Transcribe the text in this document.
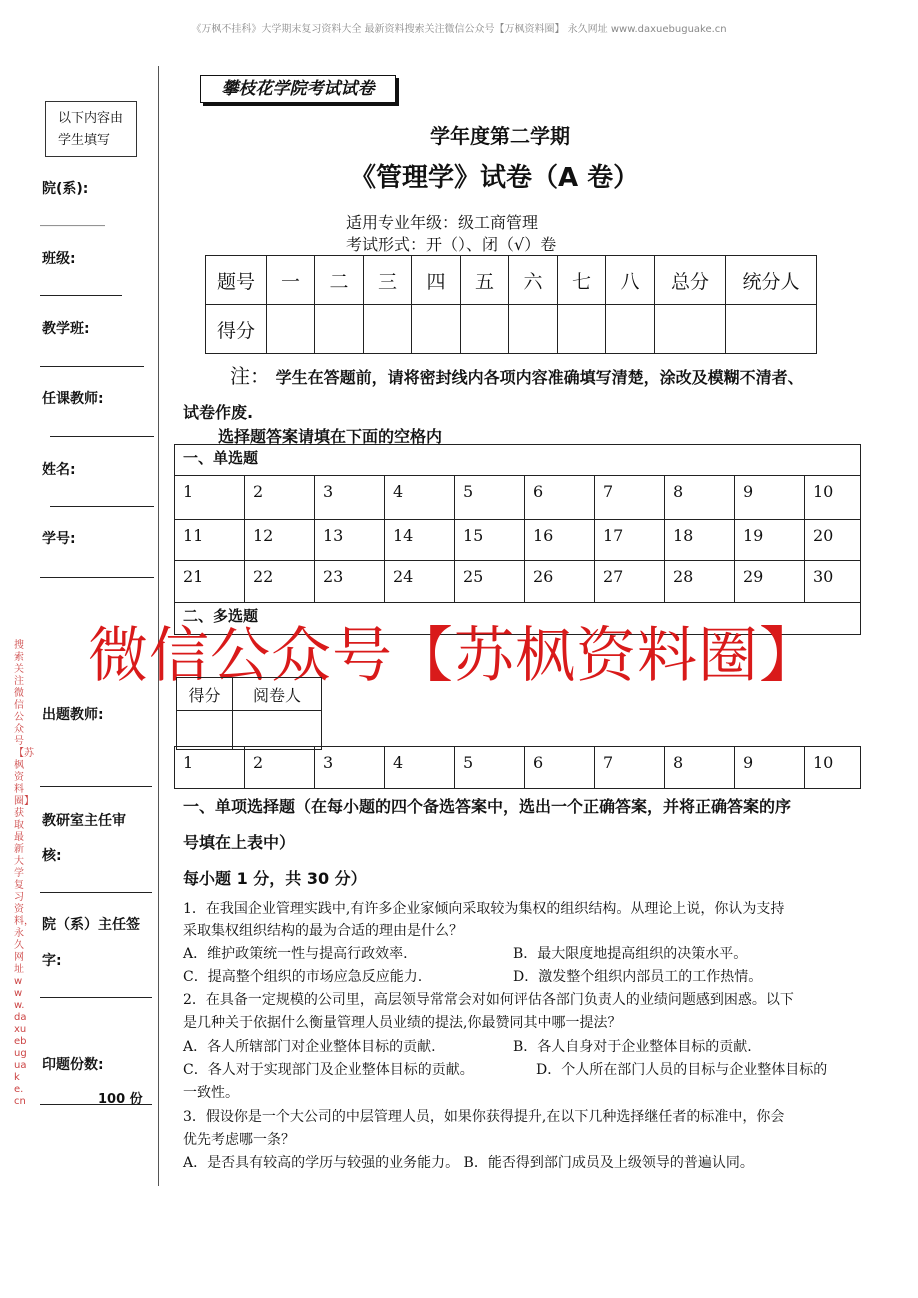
《万枫不挂科》大学期末复习资料大全 最新资料搜索关注微信公众号【万枫资料圈】 永久网址 www.daxuebuguake.cn
以下内容由
学生填写
院(系):
__________
班级:
教学班:
任课教师:
姓名:
学号:
出题教师:
教研室主任审
核:
院（系）主任签
字:
印题份数:
100 份
搜索关注微信公众号【苏枫资料圈】获取最新大学复习资料，永久网址 www.daxuebuguake.cn
攀枝花学院考试试卷
学年度第二学期
《管理学》试卷（A 卷）
适用专业年级：级工商管理
考试形式：开（）、闭（√）卷
题号	一	二	三	四	五	六	七	八	总分	统分人
得分										
注： 学生在答题前，请将密封线内各项内容准确填写清楚，涂改及模糊不清者、
试卷作废.
选择题答案请填在下面的空格内
一、单选题									
1	2	3	4	5	6	7	8	9	10
11	12	13	14	15	16	17	18	19	20
21	22	23	24	25	26	27	28	29	30
二、多选题									
微信公众号【苏枫资料圈】
得分	阅卷人

1	2	3	4	5	6	7	8	9	10
一、单项选择题（在每小题的四个备选答案中，选出一个正确答案，并将正确答案的序
号填在上表中）
每小题 1 分，共 30 分）
1．在我国企业管理实践中,有许多企业家倾向采取较为集权的组织结构。从理论上说，你认为支持
采取集权组织结构的最为合适的理由是什么？
A．维护政策统一性与提高行政效率.	B．最大限度地提高组织的决策水平。
C．提高整个组织的市场应急反应能力.	D．激发整个组织内部员工的工作热情。
2．在具备一定规模的公司里，高层领导常常会对如何评估各部门负责人的业绩问题感到困惑。以下
是几种关于依据什么衡量管理人员业绩的提法,你最赞同其中哪一提法？
A．各人所辖部门对企业整体目标的贡献.	B．各人自身对于企业整体目标的贡献.
C．各人对于实现部门及企业整体目标的贡献。	D．个人所在部门人员的目标与企业整体目标的
一致性。
3．假设你是一个大公司的中层管理人员，如果你获得提升,在以下几种选择继任者的标准中，你会
优先考虑哪一条？
A．是否具有较高的学历与较强的业务能力。 B．能否得到部门成员及上级领导的普遍认同。
